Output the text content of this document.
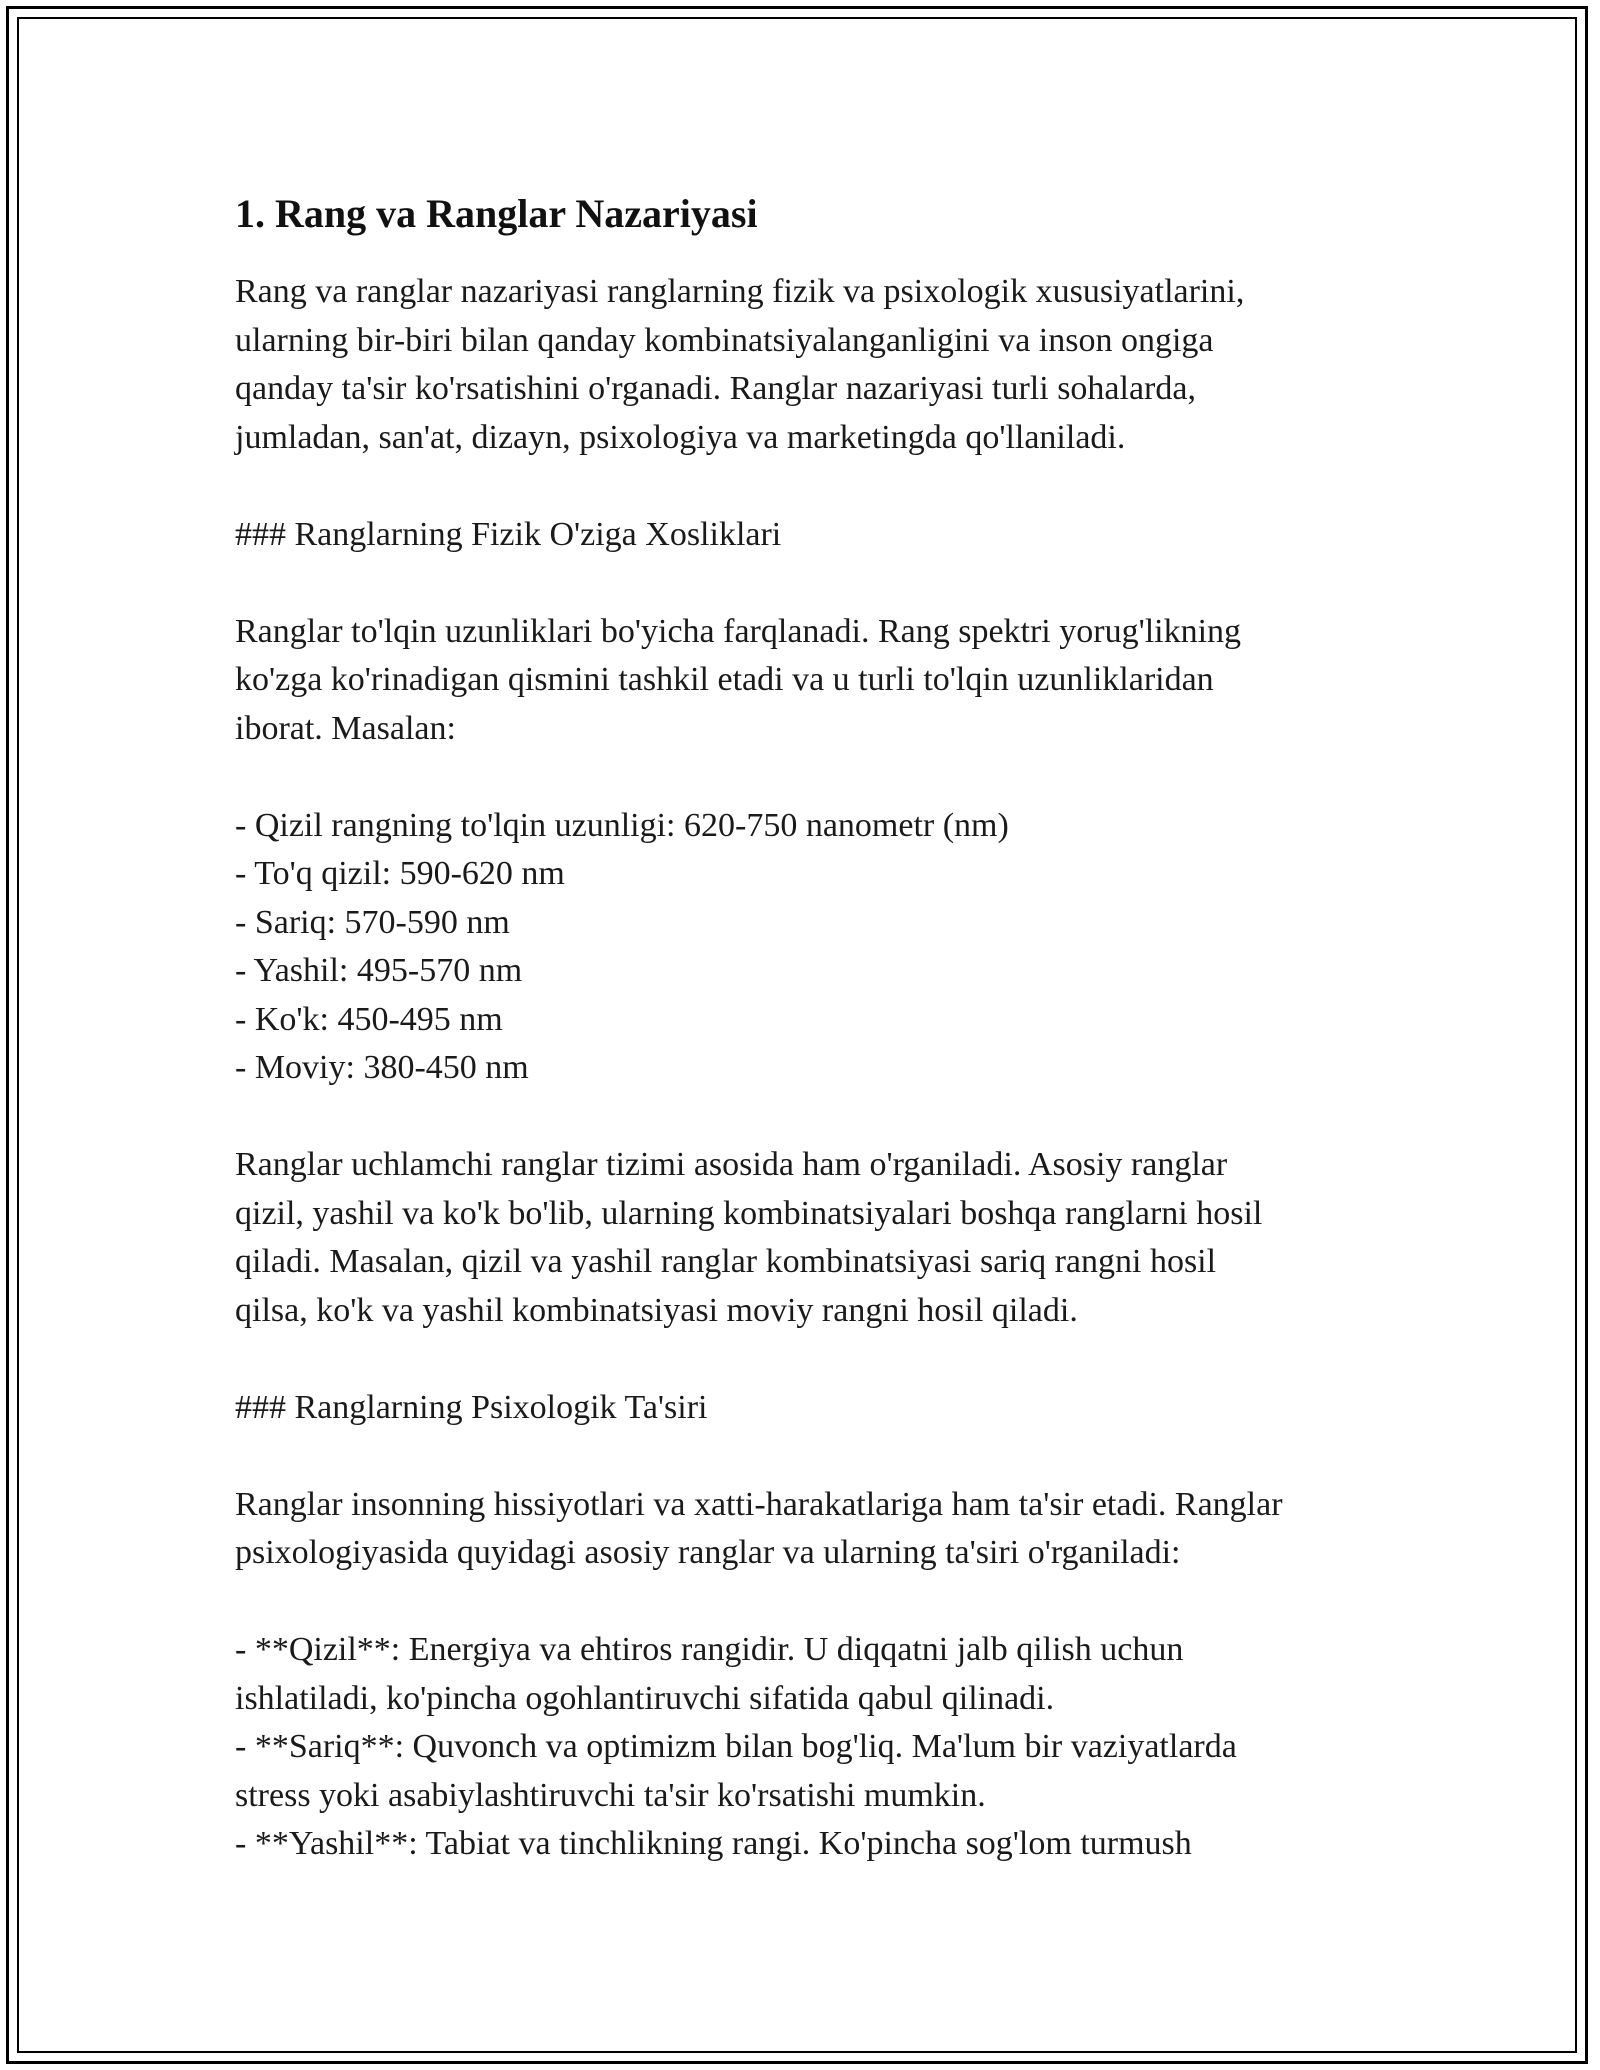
1. Rang va Ranglar Nazariyasi
Rang va ranglar nazariyasi ranglarning fizik va psixologik xususiyatlarini,
ularning bir-biri bilan qanday kombinatsiyalanganligini va inson ongiga
qanday ta'sir ko'rsatishini o'rganadi. Ranglar nazariyasi turli sohalarda,
jumladan, san'at, dizayn, psixologiya va marketingda qo'llaniladi.
### Ranglarning Fizik O'ziga Xosliklari
Ranglar to'lqin uzunliklari bo'yicha farqlanadi. Rang spektri yorug'likning
ko'zga ko'rinadigan qismini tashkil etadi va u turli to'lqin uzunliklaridan
iborat. Masalan:
- Qizil rangning to'lqin uzunligi: 620-750 nanometr (nm)
- To'q qizil: 590-620 nm
- Sariq: 570-590 nm
- Yashil: 495-570 nm
- Ko'k: 450-495 nm
- Moviy: 380-450 nm
Ranglar uchlamchi ranglar tizimi asosida ham o'rganiladi. Asosiy ranglar
qizil, yashil va ko'k bo'lib, ularning kombinatsiyalari boshqa ranglarni hosil
qiladi. Masalan, qizil va yashil ranglar kombinatsiyasi sariq rangni hosil
qilsa, ko'k va yashil kombinatsiyasi moviy rangni hosil qiladi.
### Ranglarning Psixologik Ta'siri
Ranglar insonning hissiyotlari va xatti-harakatlariga ham ta'sir etadi. Ranglar
psixologiyasida quyidagi asosiy ranglar va ularning ta'siri o'rganiladi:
- **Qizil**: Energiya va ehtiros rangidir. U diqqatni jalb qilish uchun
ishlatiladi, ko'pincha ogohlantiruvchi sifatida qabul qilinadi.
- **Sariq**: Quvonch va optimizm bilan bog'liq. Ma'lum bir vaziyatlarda
stress yoki asabiylashtiruvchi ta'sir ko'rsatishi mumkin.
- **Yashil**: Tabiat va tinchlikning rangi. Ko'pincha sog'lom turmush
